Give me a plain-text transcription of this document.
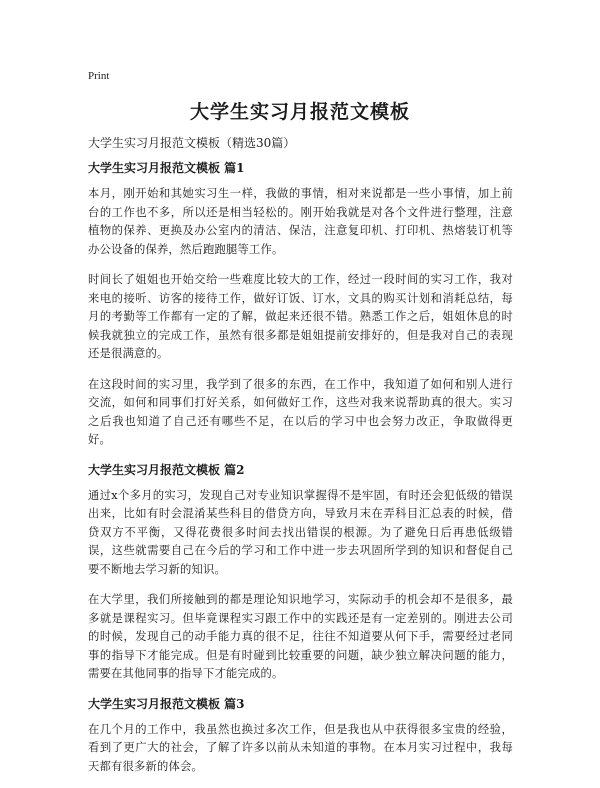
Print
大学生实习月报范文模板
大学生实习月报范文模板（精选30篇）
大学生实习月报范文模板 篇1

本月，刚开始和其她实习生一样，我做的事情，相对来说都是一些小事情，加上前台的工作也不多，所以还是相当轻松的。刚开始我就是对各个文件进行整理，注意植物的保养、更换及办公室内的清洁、保洁，注意复印机、打印机、热熔装订机等办公设备的保养，然后跑跑腿等工作。

时间长了姐姐也开始交给一些难度比较大的工作，经过一段时间的实习工作，我对来电的接听、访客的接待工作，做好订饭、订水，文具的购买计划和消耗总结，每月的考勤等工作都有一定的了解，做起来还很不错。熟悉工作之后，姐姐休息的时候我就独立的完成工作，虽然有很多都是姐姐提前安排好的，但是我对自己的表现还是很满意的。

在这段时间的实习里，我学到了很多的东西，在工作中，我知道了如何和别人进行交流，如何和同事们打好关系，如何做好工作，这些对我来说帮助真的很大。实习之后我也知道了自己还有哪些不足，在以后的学习中也会努力改正，争取做得更好。

大学生实习月报范文模板 篇2

通过x个多月的实习，发现自己对专业知识掌握得不是牢固，有时还会犯低级的错误出来，比如有时会混淆某些科目的借贷方向，导致月末在弄科目汇总表的时候，借贷双方不平衡，又得花费很多时间去找出错误的根源。为了避免日后再患低级错误，这些就需要自己在今后的学习和工作中进一步去巩固所学到的知识和督促自己要不断地去学习新的知识。

在大学里，我们所接触到的都是理论知识地学习，实际动手的机会却不是很多，最多就是课程实习。但毕竟课程实习跟工作中的实践还是有一定差别的。刚进去公司的时候，发现自己的动手能力真的很不足，往往不知道要从何下手，需要经过老同事的指导下才能完成。但是有时碰到比较重要的问题，缺少独立解决问题的能力，需要在其他同事的指导下才能完成的。

大学生实习月报范文模板 篇3

在几个月的工作中，我虽然也换过多次工作，但是我也从中获得很多宝贵的经验，看到了更广大的社会，了解了许多以前从未知道的事物。在本月实习过程中，我每天都有很多新的体会。
